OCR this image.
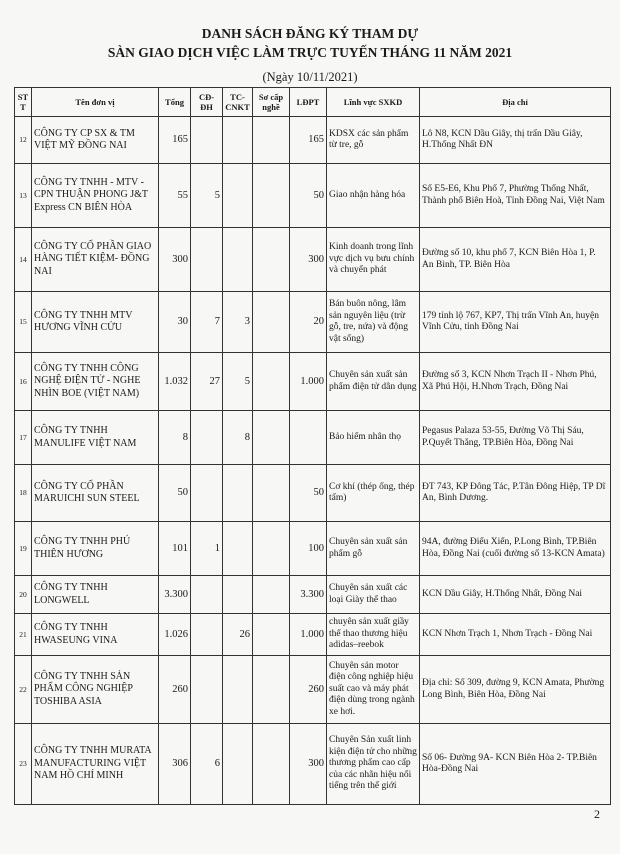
DANH SÁCH ĐĂNG KÝ THAM DỰ
SÀN GIAO DỊCH VIỆC LÀM TRỰC TUYẾN THÁNG 11 NĂM 2021
(Ngày 10/11/2021)
ST T	Tên đơn vị	Tổng	CĐ-ĐH	TC-CNKT	Sơ cấp nghề	LĐPT	Lĩnh vực SXKD	Địa chỉ
12	CÔNG TY CP SX & TM VIỆT MỸ ĐỒNG NAI	165				165	KDSX các sản phẩm từ tre, gỗ	Lô N8, KCN Dầu Giây, thị trấn Dầu Giây, H.Thống Nhất ĐN
13	CÔNG TY TNHH - MTV - CPN THUẬN PHONG J&T Express CN BIÊN HÒA	55	5			50	Giao nhận hàng hóa	Số E5-E6, Khu Phố 7, Phường Thống Nhất, Thành phố Biên Hoà, Tỉnh Đồng Nai, Việt Nam
14	CÔNG TY CỔ PHẦN GIAO HÀNG TIẾT KIỆM- ĐỒNG NAI	300				300	Kinh doanh trong lĩnh vực dịch vụ bưu chính và chuyển phát	Đường số 10, khu phố 7, KCN Biên Hòa 1, P. An Bình, TP. Biên Hòa
15	CÔNG TY TNHH MTV HƯƠNG VĨNH CỬU	30	7	3		20	Bán buôn nông, lâm sản nguyên liệu (trừ gỗ, tre, nứa) và động vật sống)	179 tỉnh lộ 767, KP7, Thị trấn Vĩnh An, huyện Vĩnh Cửu, tỉnh Đồng Nai
16	CÔNG TY TNHH CÔNG NGHỆ ĐIỆN TỬ - NGHE NHÌN BOE (VIỆT NAM)	1.032	27	5		1.000	Chuyên sản xuất sản phẩm điện tử dân dụng	Đường số 3, KCN Nhơn Trạch II - Nhơn Phú, Xã Phú Hội, H.Nhơn Trạch, Đồng Nai
17	CÔNG TY TNHH MANULIFE VIỆT NAM	8		8			Bảo hiểm nhân thọ	Pegasus Palaza 53-55, Đường Võ Thị Sáu, P.Quyết Thắng, TP.Biên Hòa, Đồng Nai
18	CÔNG TY CỔ PHẦN MARUICHI SUN STEEL	50				50	Cơ khí (thép ống, thép tấm)	ĐT 743, KP Đông Tác, P.Tân Đông Hiệp, TP Dĩ An, Bình Dương.
19	CÔNG TY TNHH PHÚ THIÊN HƯƠNG	101	1			100	Chuyên sản xuất sản phẩm gỗ	94A, đường Điểu Xiển, P.Long Bình, TP.Biên Hòa, Đồng Nai (cuối đường số 13-KCN Amata)
20	CÔNG TY TNHH LONGWELL	3.300				3.300	Chuyên sản xuất các loại Giày thể thao	KCN Dầu Giây, H.Thống Nhất, Đồng Nai
21	CÔNG TY TNHH HWASEUNG VINA	1.026		26		1.000	chuyên sản xuất giầy thể thao thương hiệu adidas–reebok	KCN Nhơn Trạch 1, Nhơn Trạch - Đồng Nai
22	CÔNG TY TNHH SẢN PHẨM CÔNG NGHIỆP TOSHIBA ASIA	260				260	Chuyên sản motor điện công nghiệp hiệu suất cao và máy phát điện dùng trong ngành xe hơi.	Địa chỉ: Số 309, đường 9, KCN Amata, Phường Long Bình, Biên Hòa, Đồng Nai
23	CÔNG TY TNHH MURATA MANUFACTURING VIỆT NAM HỒ CHÍ MINH	306	6			300	Chuyên Sản xuất linh kiện điện tử cho những thương phẩm cao cấp của các nhãn hiệu nổi tiếng trên thế giới	Số 06- Đường 9A- KCN Biên Hòa 2- TP.Biên Hòa-Đồng Nai
2
